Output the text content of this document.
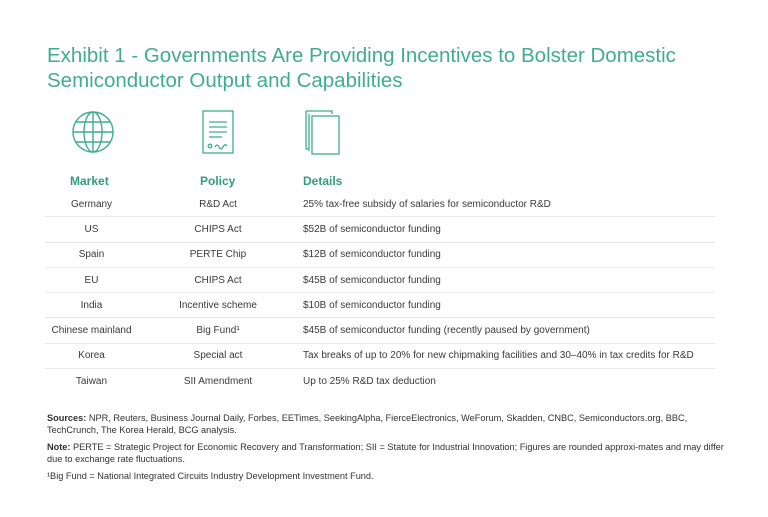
Exhibit 1 - Governments Are Providing Incentives to Bolster Domestic
Semiconductor Output and Capabilities
Market	Policy	Details
Germany	R&D Act	25% tax-free subsidy of salaries for semiconductor R&D
US	CHIPS Act	$52B of semiconductor funding
Spain	PERTE Chip	$12B of semiconductor funding
EU	CHIPS Act	$45B of semiconductor funding
India	Incentive scheme	$10B of semiconductor funding
Chinese mainland	Big Fund¹	$45B of semiconductor funding (recently paused by government)
Korea	Special act	Tax breaks of up to 20% for new chipmaking facilities and 30–40% in tax credits for R&D
Taiwan	SII Amendment	Up to 25% R&D tax deduction

Sources: NPR, Reuters, Business Journal Daily, Forbes, EETimes, SeekingAlpha, FierceElectronics, WeForum, Skadden, CNBC, Semiconductors.org, BBC, TechCrunch, The Korea Herald, BCG analysis.

Note: PERTE = Strategic Project for Economic Recovery and Transformation; SII = Statute for Industrial Innovation; Figures are rounded approxi-mates and may differ due to exchange rate fluctuations.

¹Big Fund = National Integrated Circuits Industry Development Investment Fund.
